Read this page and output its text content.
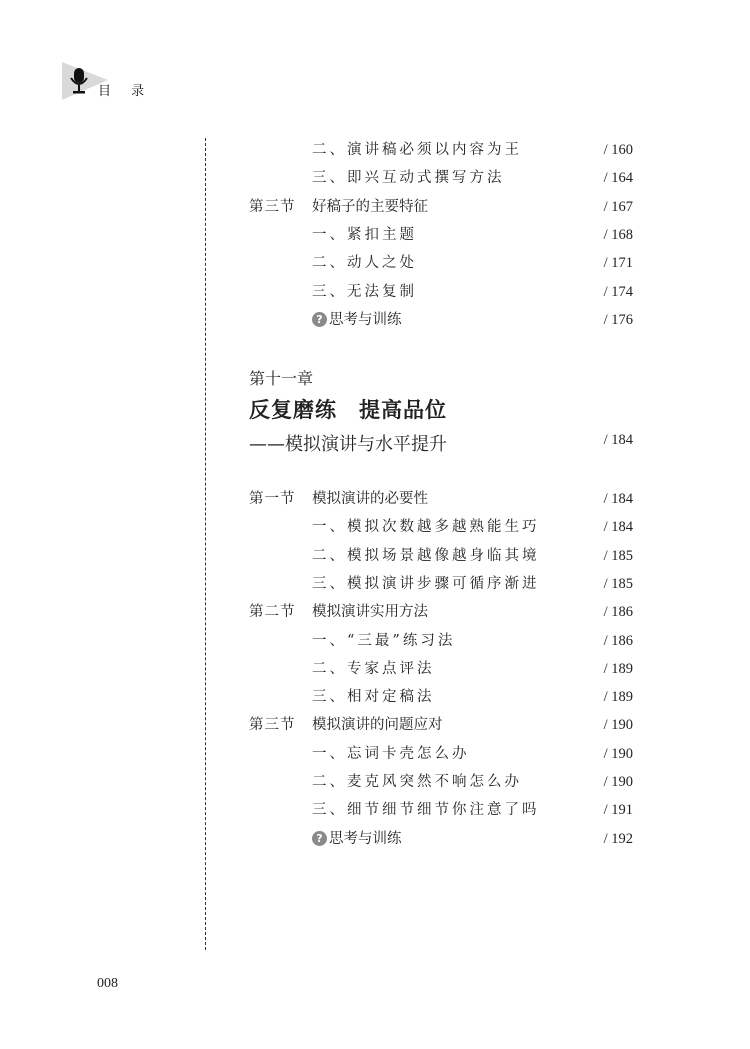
目 录
第十一章
反复磨练　提高品位
——模拟演讲与水平提升	/ 184
二、演讲稿必须以内容为王	/ 160
三、即兴互动式撰写方法	/ 164
第三节 好稿子的主要特征	/ 167
一、紧扣主题	/ 168
二、动人之处	/ 171
三、无法复制	/ 174
? 思考与训练	/ 176
第一节 模拟演讲的必要性	/ 184
一、模拟次数越多越熟能生巧	/ 184
二、模拟场景越像越身临其境	/ 185
三、模拟演讲步骤可循序渐进	/ 185
第二节 模拟演讲实用方法	/ 186
一、“三最”练习法	/ 186
二、专家点评法	/ 189
三、相对定稿法	/ 189
第三节 模拟演讲的问题应对	/ 190
一、忘词卡壳怎么办	/ 190
二、麦克风突然不响怎么办	/ 190
三、细节细节细节你注意了吗	/ 191
? 思考与训练	/ 192
008
